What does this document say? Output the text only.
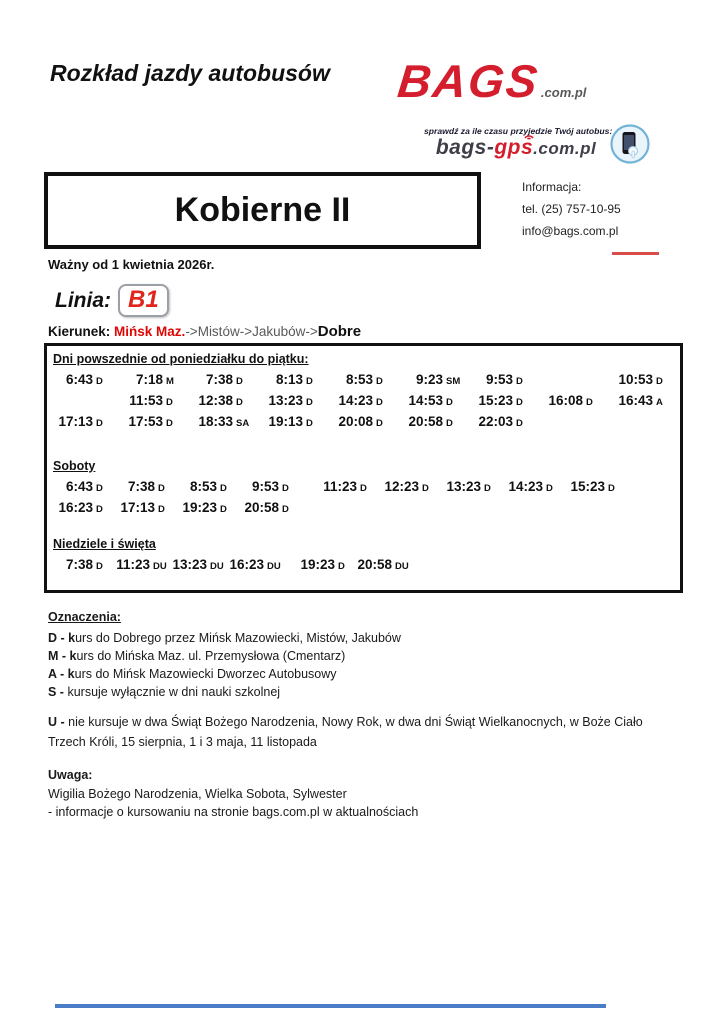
Rozkład jazdy autobusów BAGS.com.pl
sprawdź za ile czasu przyjedzie Twój autobus:
bags-gps
.com.pl
Kobierne II
Informacja:
tel. (25) 757-10-95
info@bags.com.pl
Ważny od 1 kwietnia 2026r.
Linia: B1
Kierunek: Mińsk Maz.->Mistów->Jakubów->Dobre
Dni powszednie od poniedziałku do piątku:
6:43 D 7:18 M 7:38 D 8:13 D 8:53 D 9:23 SM 9:53 D	10:53 D
11:53 D 12:38 D 13:23 D 14:23 D 14:53 D 15:23 D 16:08 D 16:43 A
17:13 D 17:53 D 18:33 SA 19:13 D 20:08 D 20:58 D 22:03 D
Soboty
6:43 D 7:38 D 8:53 D 9:53 D	11:23 D 12:23 D 13:23 D 14:23 D 15:23 D
16:23 D 17:13 D 19:23 D 20:58 D
Niedziele i święta
7:38 D 11:23 DU 13:23 DU 16:23 DU 19:23 D 20:58 DU
Oznaczenia:
D - kurs do Dobrego przez Mińsk Mazowiecki, Mistów, Jakubów
M - kurs do Mińska Maz. ul. Przemysłowa (Cmentarz)
A - kurs do Mińsk Mazowiecki Dworzec Autobusowy
S - kursuje wyłącznie w dni nauki szkolnej
U - nie kursuje w dwa Świąt Bożego Narodzenia, Nowy Rok, w dwa dni Świąt Wielkanocnych, w Boże Ciało
Trzech Króli, 15 sierpnia, 1 i 3 maja, 11 listopada
Uwaga:
Wigilia Bożego Narodzenia, Wielka Sobota, Sylwester
- informacje o kursowaniu na stronie bags.com.pl w aktualnościach
